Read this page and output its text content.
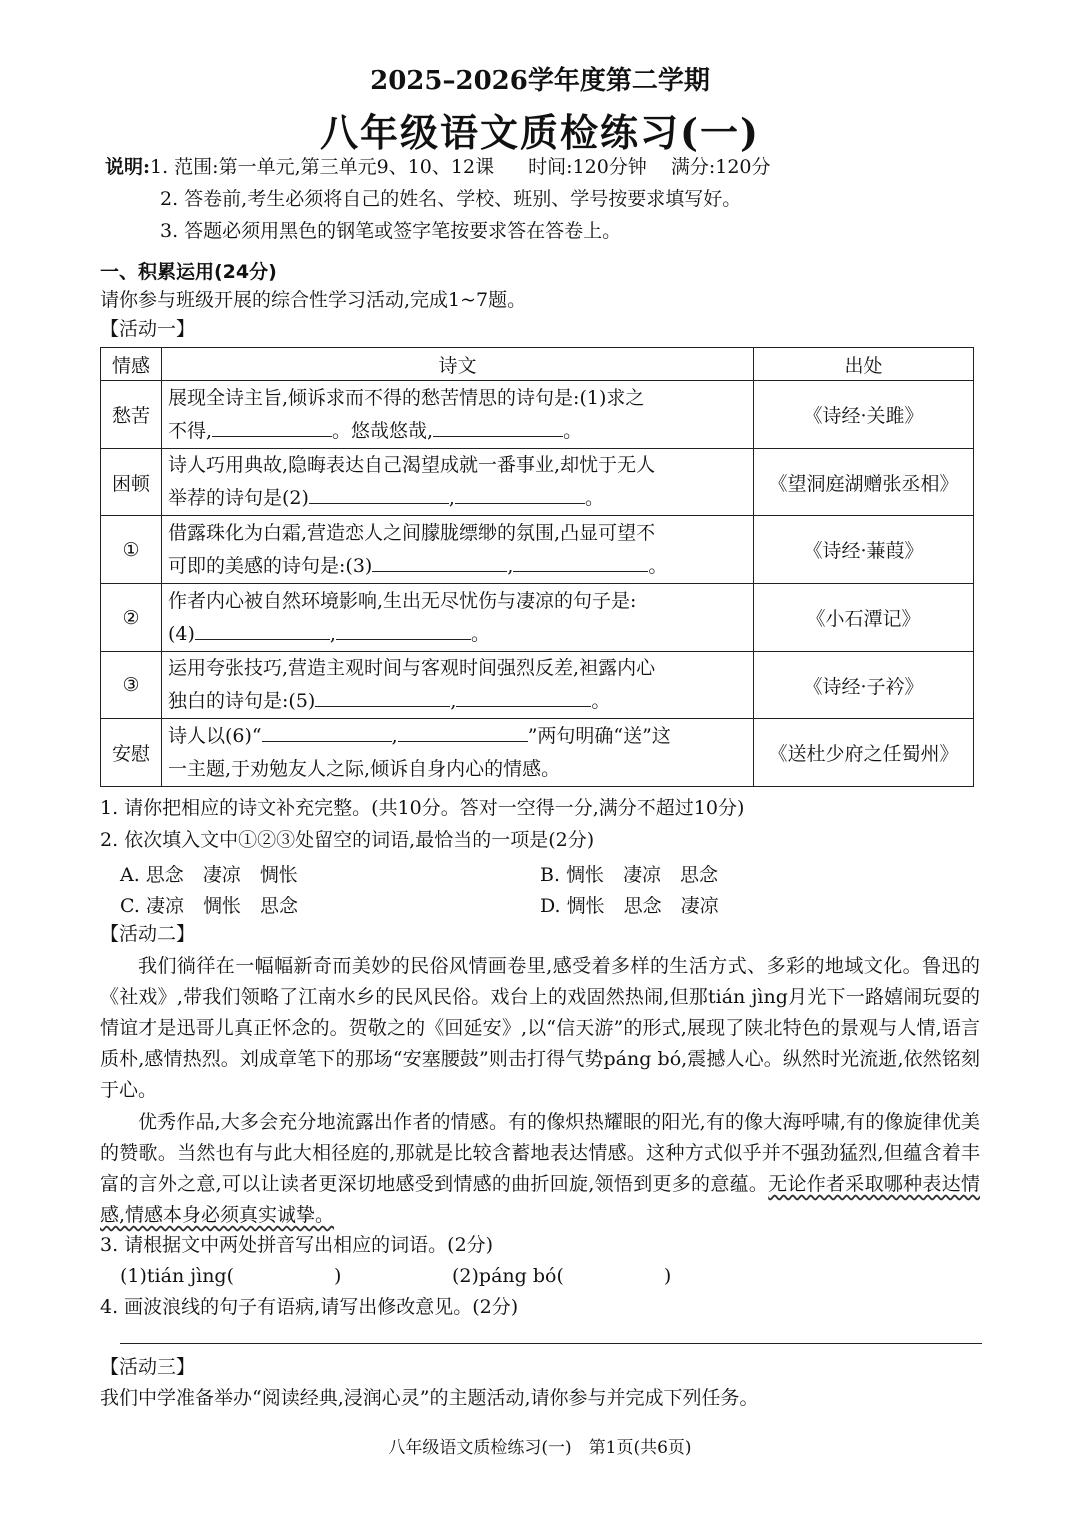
2025–2026学年度第二学期
八年级语文质检练习(一)
说明:1. 范围:第一单元,第三单元9、10、12课 时间:120分钟 满分:120分
2. 答卷前,考生必须将自己的姓名、学校、班别、学号按要求填写好。
3. 答题必须用黑色的钢笔或签字笔按要求答在答卷上。
一、积累运用(24分)
请你参与班级开展的综合性学习活动,完成1~7题。
【活动一】
情感	诗文	出处
愁苦	展现全诗主旨,倾诉求而不得的愁苦情思的诗句是:(1)求之
不得, 。悠哉悠哉, 。	《诗经·关雎》
困顿	诗人巧用典故,隐晦表达自己渴望成就一番事业,却忧于无人
举荐的诗句是(2) , 。	《望洞庭湖赠张丞相》
①	借露珠化为白霜,营造恋人之间朦胧缥缈的氛围,凸显可望不
可即的美感的诗句是:(3) , 。	《诗经·蒹葭》
②	作者内心被自然环境影响,生出无尽忧伤与凄凉的句子是:
(4) , 。	《小石潭记》
③	运用夸张技巧,营造主观时间与客观时间强烈反差,袒露内心
独白的诗句是:(5) , 。	《诗经·子衿》
安慰	诗人以(6)“ , ”两句明确“送”这
一主题,于劝勉友人之际,倾诉自身内心的情感。	《送杜少府之任蜀州》
1. 请你把相应的诗文补充完整。(共10分。答对一空得一分,满分不超过10分)
2. 依次填入文中①②③处留空的词语,最恰当的一项是(2分)
A. 思念　凄凉　惆怅	B. 惆怅　凄凉　思念
C. 凄凉　惆怅　思念	D. 惆怅　思念　凄凉
【活动二】
我们徜徉在一幅幅新奇而美妙的民俗风情画卷里,感受着多样的生活方式、多彩的地域文化。鲁迅的《社戏》,带我们领略了江南水乡的民风民俗。戏台上的戏固然热闹,但那tián jìng月光下一路嬉闹玩耍的情谊才是迅哥儿真正怀念的。贺敬之的《回延安》,以“信天游”的形式,展现了陕北特色的景观与人情,语言质朴,感情热烈。刘成章笔下的那场“安塞腰鼓”则击打得气势páng bó,震撼人心。纵然时光流逝,依然铭刻于心。
优秀作品,大多会充分地流露出作者的情感。有的像炽热耀眼的阳光,有的像大海呼啸,有的像旋律优美的赞歌。当然也有与此大相径庭的,那就是比较含蓄地表达情感。这种方式似乎并不强劲猛烈,但蕴含着丰富的言外之意,可以让读者更深切地感受到情感的曲折回旋,领悟到更多的意蕴。无论作者采取哪种表达情感,情感本身必须真实诚挚。
3. 请根据文中两处拼音写出相应的词语。(2分)
(1)tián jìng(	)	(2)páng bó(	)
4. 画波浪线的句子有语病,请写出修改意见。(2分)
【活动三】
我们中学准备举办“阅读经典,浸润心灵”的主题活动,请你参与并完成下列任务。
八年级语文质检练习(一)　第1页(共6页)
